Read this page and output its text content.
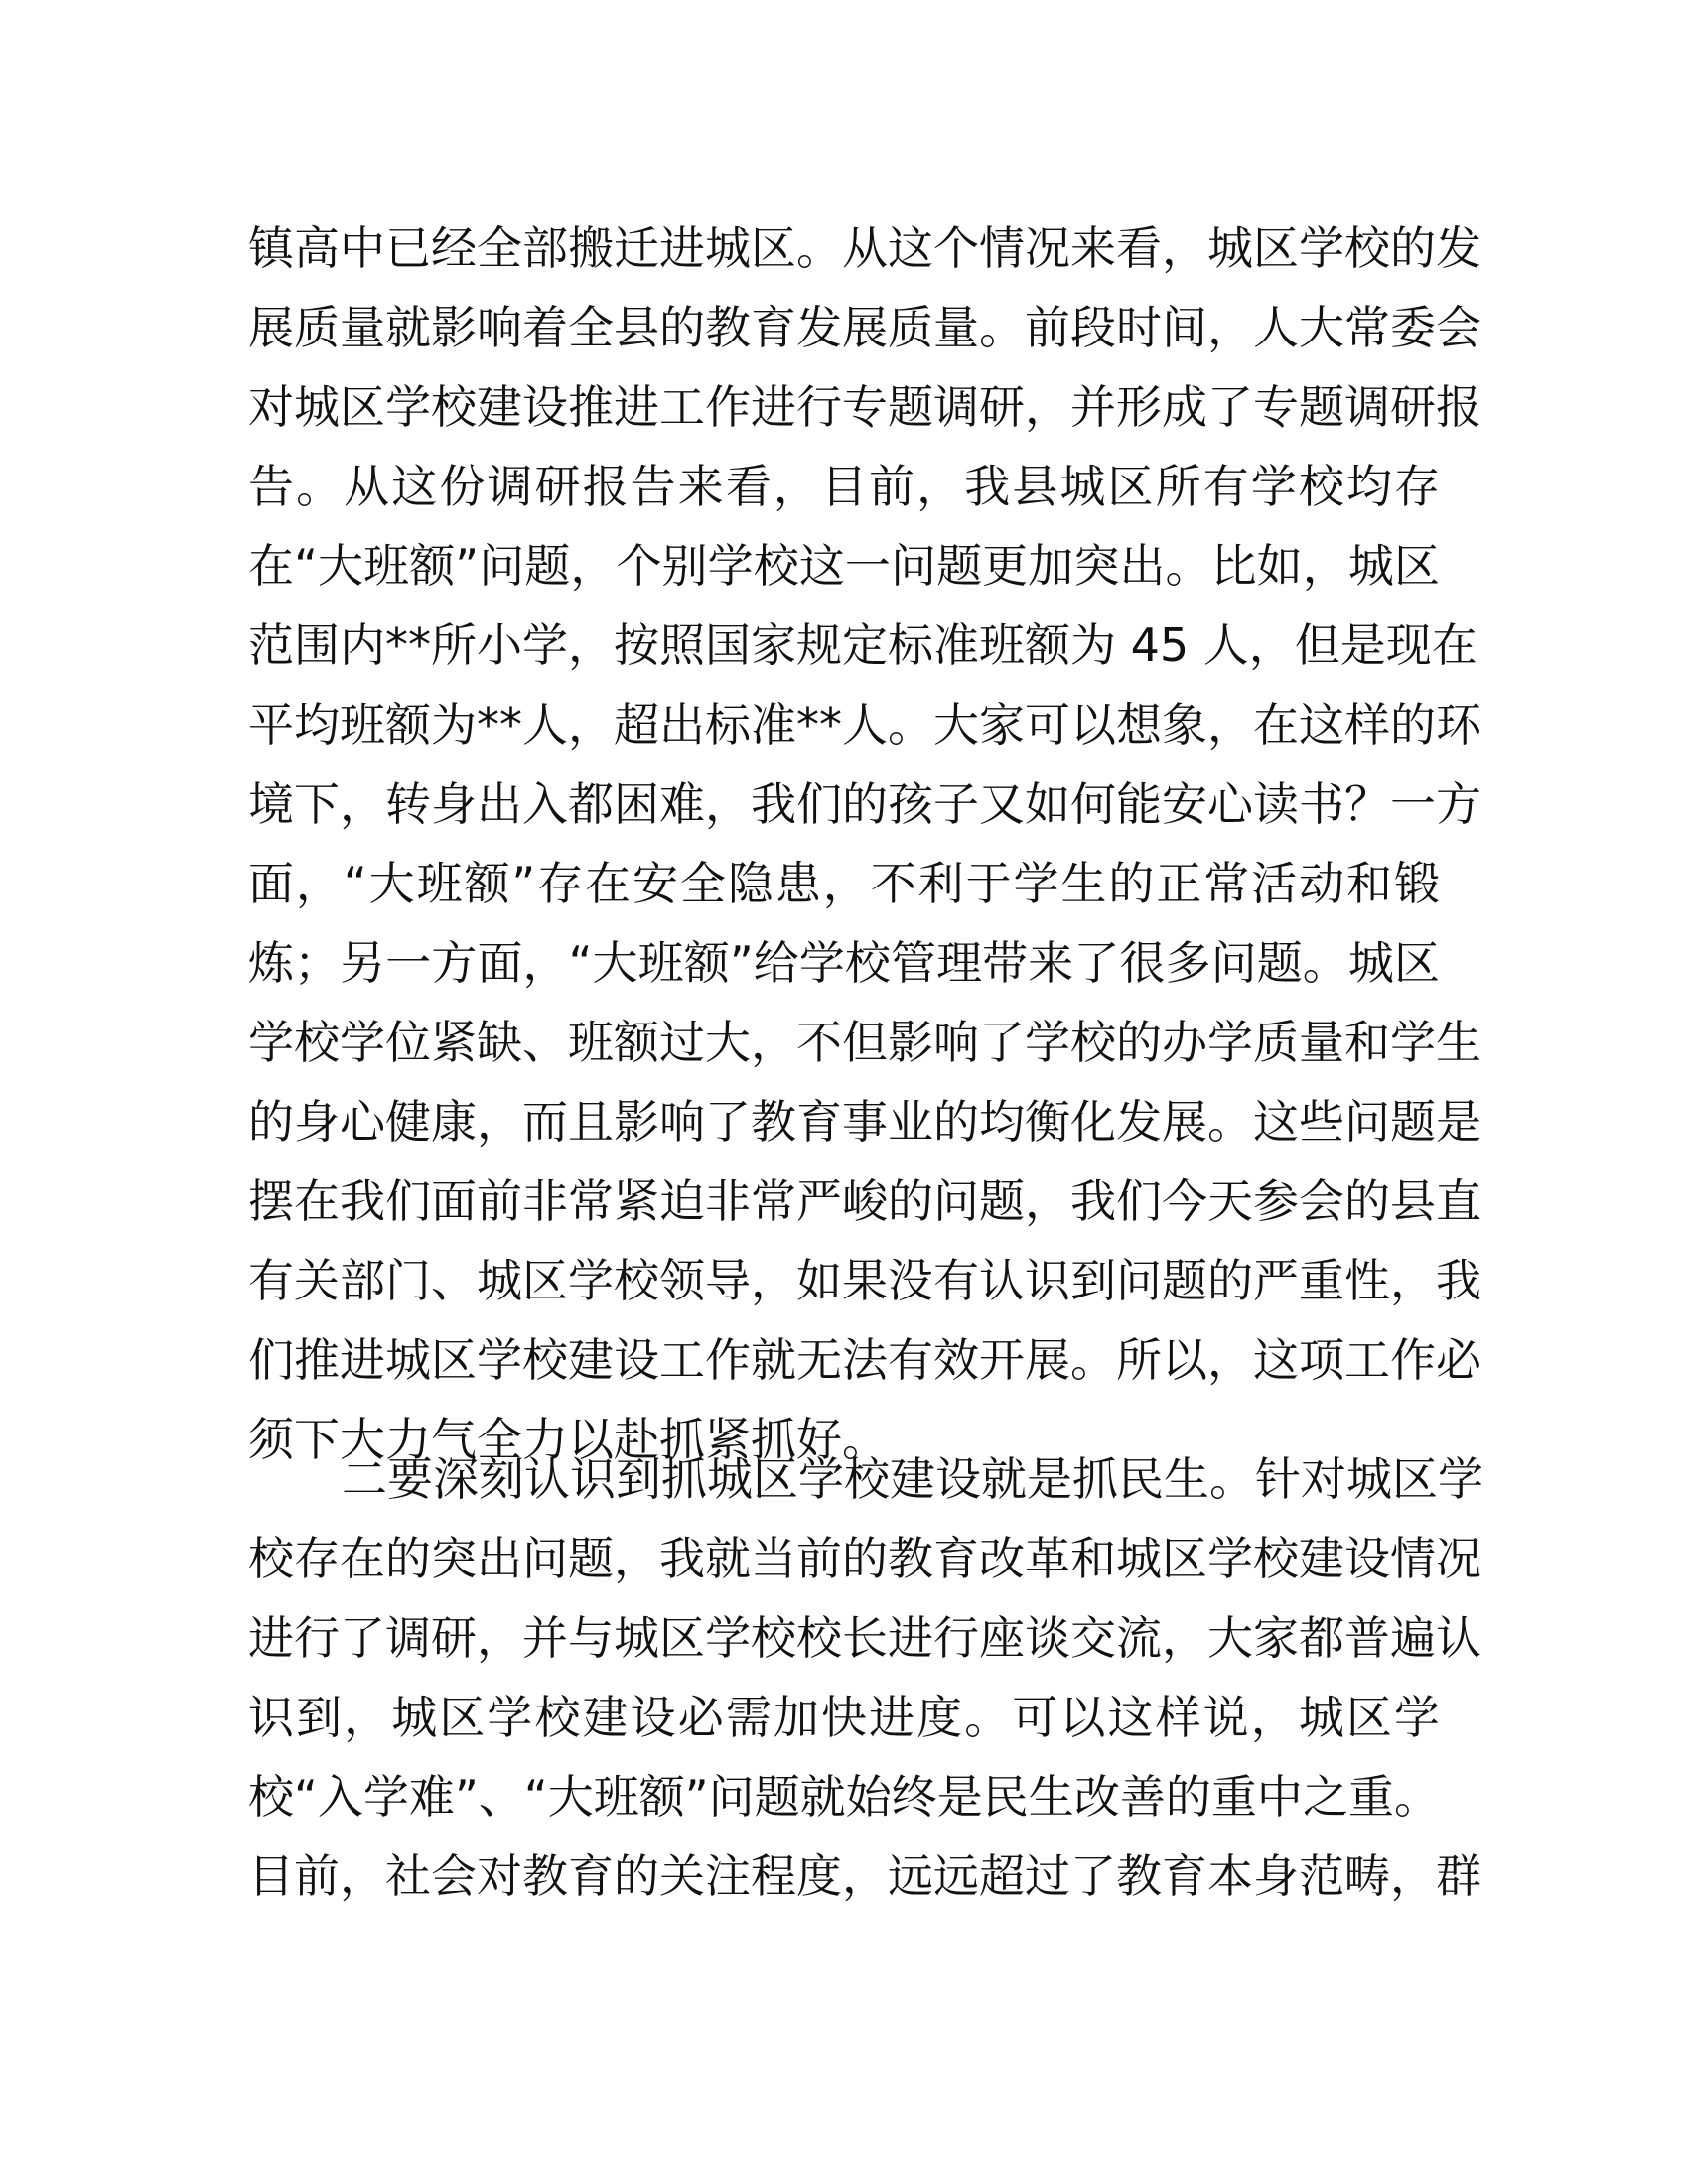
镇高中已经全部搬迁进城区。从这个情况来看，城区学校的发
展质量就影响着全县的教育发展质量。前段时间，人大常委会
对城区学校建设推进工作进行专题调研，并形成了专题调研报
告。从这份调研报告来看，目前，我县城区所有学校均存
在“大班额”问题，个别学校这一问题更加突出。比如，城区
范围内**所小学，按照国家规定标准班额为 45 人，但是现在
平均班额为**人，超出标准**人。大家可以想象，在这样的环
境下，转身出入都困难，我们的孩子又如何能安心读书？一方
面，“大班额”存在安全隐患，不利于学生的正常活动和锻
炼；另一方面，“大班额”给学校管理带来了很多问题。城区
学校学位紧缺、班额过大，不但影响了学校的办学质量和学生
的身心健康，而且影响了教育事业的均衡化发展。这些问题是
摆在我们面前非常紧迫非常严峻的问题，我们今天参会的县直
有关部门、城区学校领导，如果没有认识到问题的严重性，我
们推进城区学校建设工作就无法有效开展。所以，这项工作必
须下大力气全力以赴抓紧抓好。
二要深刻认识到抓城区学校建设就是抓民生。针对城区学
校存在的突出问题，我就当前的教育改革和城区学校建设情况
进行了调研，并与城区学校校长进行座谈交流，大家都普遍认
识到，城区学校建设必需加快进度。可以这样说，城区学
校“入学难”、“大班额”问题就始终是民生改善的重中之重。
目前，社会对教育的关注程度，远远超过了教育本身范畴，群
